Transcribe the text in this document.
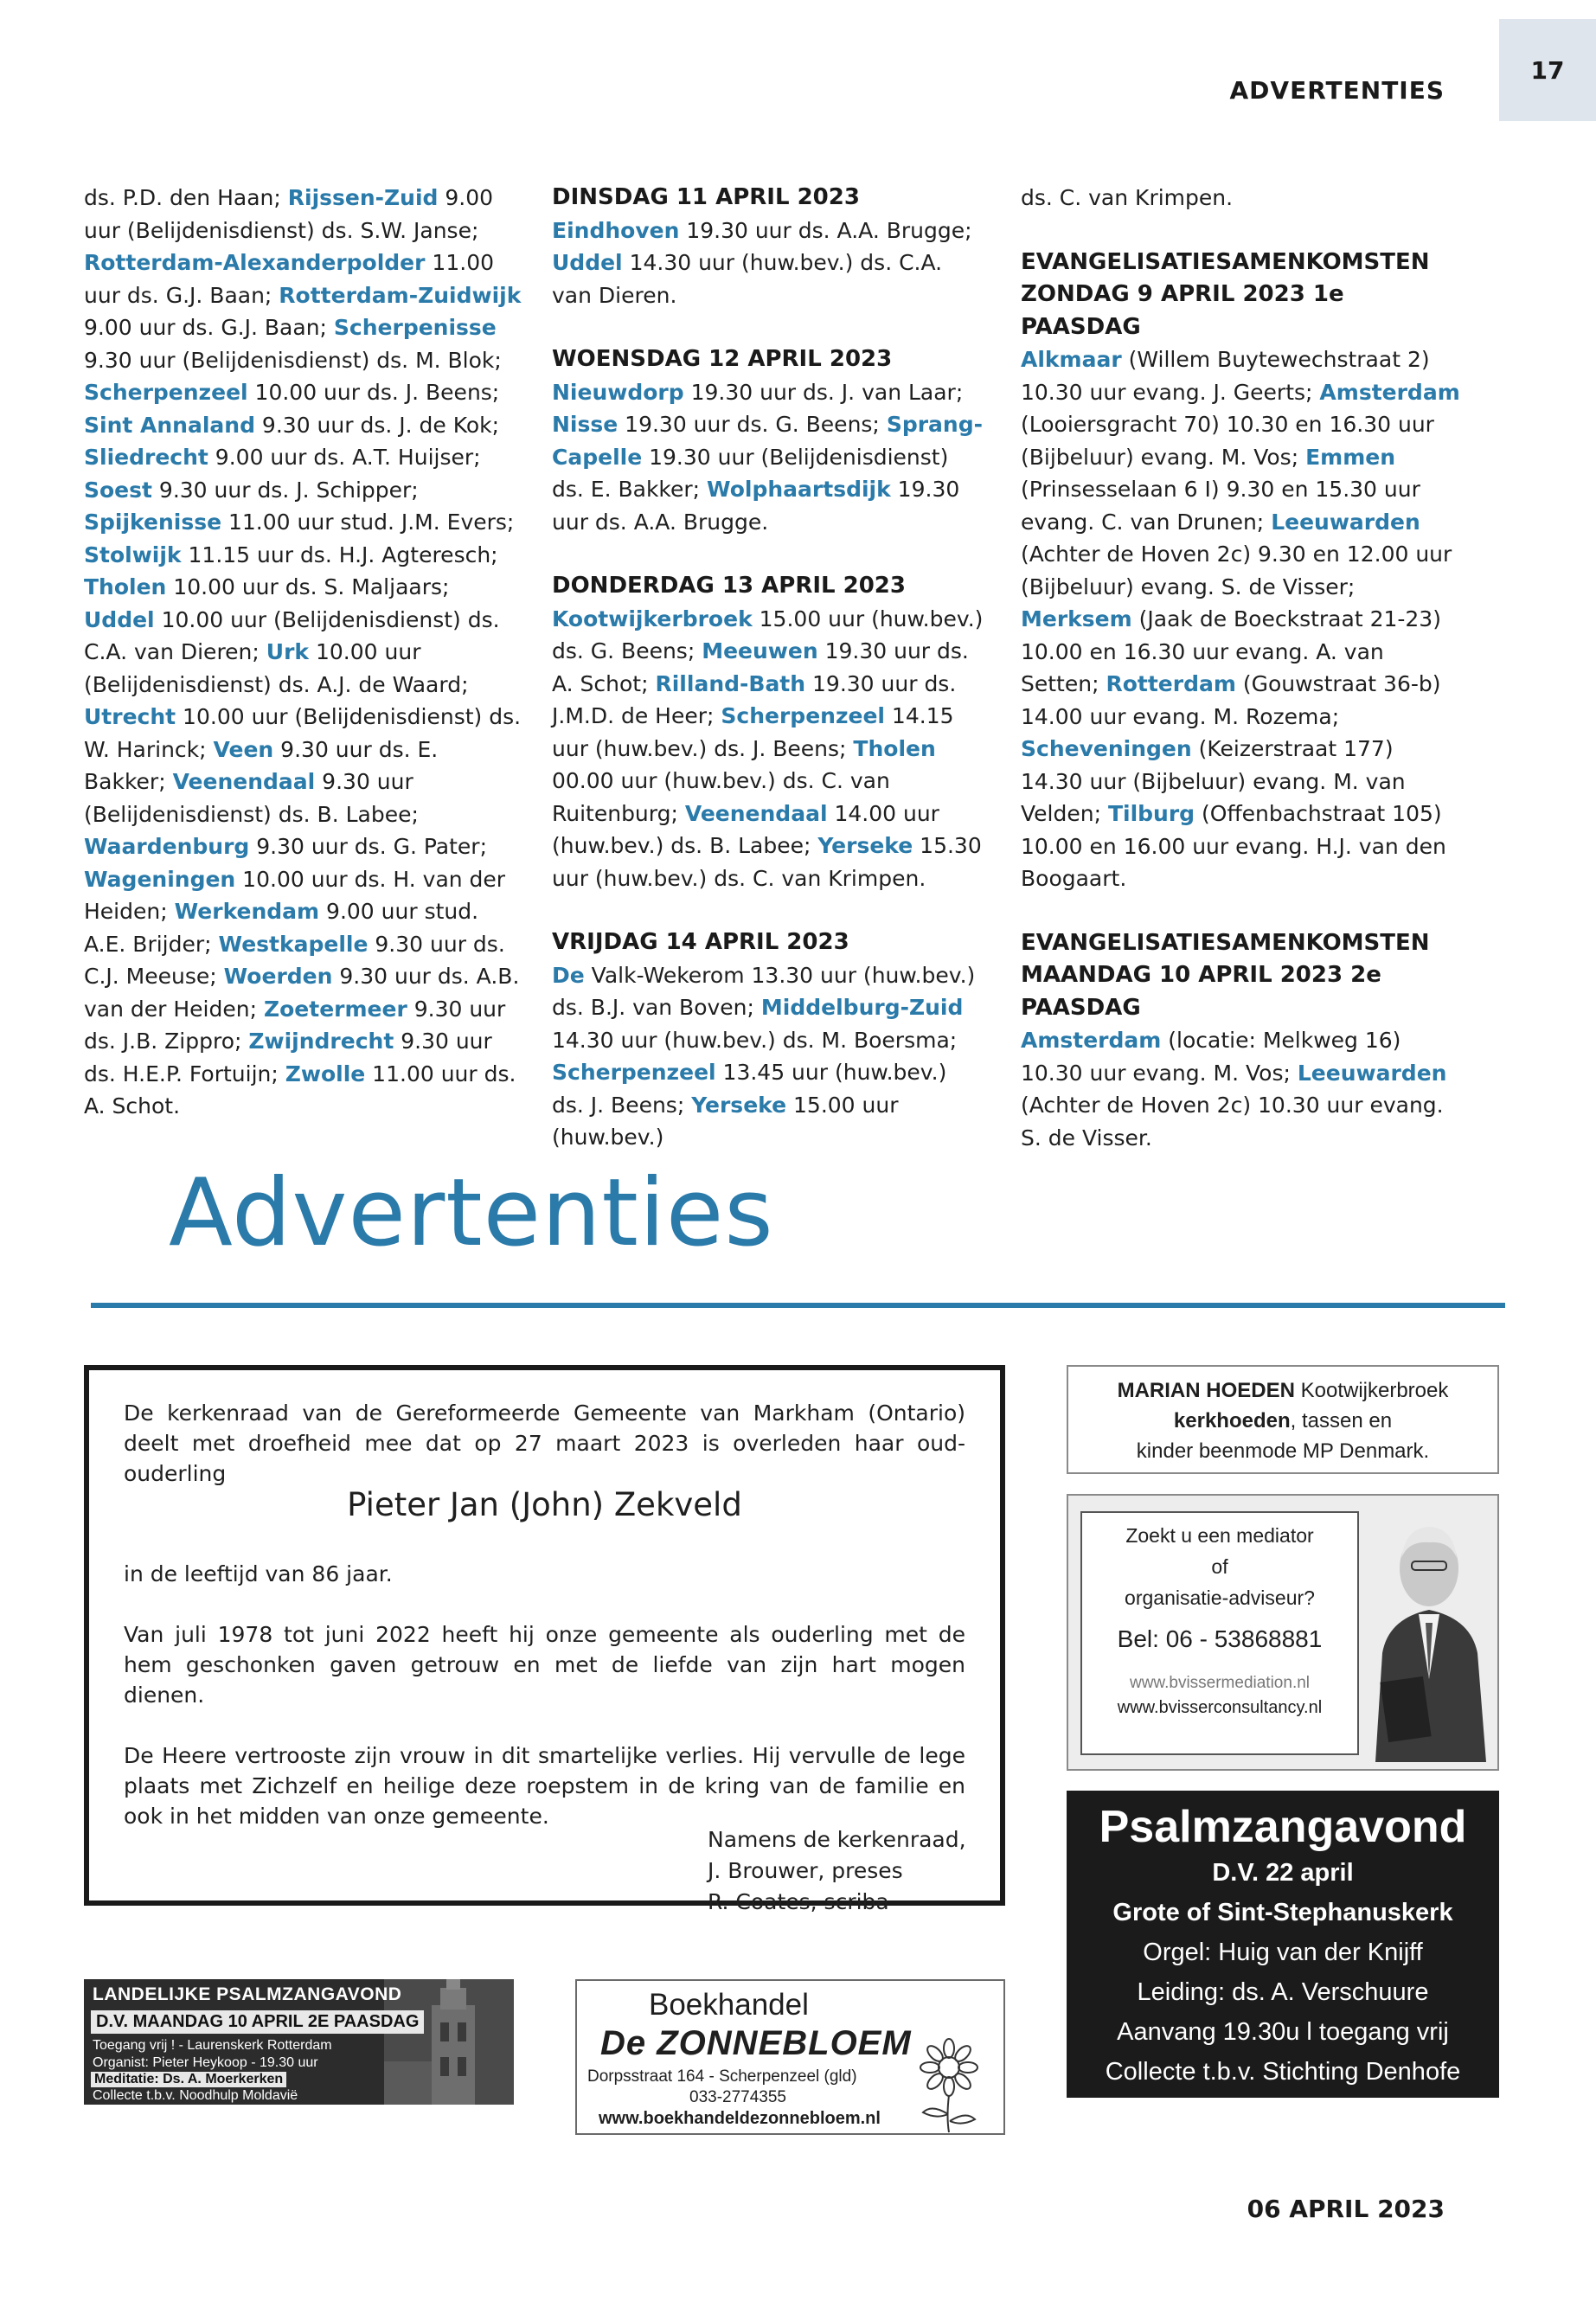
17
ADVERTENTIES

ds. P.D. den Haan; Rijssen-Zuid 9.00 uur (Belijdenisdienst) ds. S.W. Janse; Rotterdam-Alexanderpolder 11.00 uur ds. G.J. Baan; Rotterdam-Zuidwijk 9.00 uur ds. G.J. Baan; Scherpenisse 9.30 uur (Belijdenisdienst) ds. M. Blok; Scherpenzeel 10.00 uur ds. J. Beens; Sint Annaland 9.30 uur ds. J. de Kok; Sliedrecht 9.00 uur ds. A.T. Huijser; Soest 9.30 uur ds. J. Schipper; Spijkenisse 11.00 uur stud. J.M. Evers; Stolwijk 11.15 uur ds. H.J. Agteresch; Tholen 10.00 uur ds. S. Maljaars; Uddel 10.00 uur (Belijdenisdienst) ds. C.A. van Dieren; Urk 10.00 uur (Belijdenisdienst) ds. A.J. de Waard; Utrecht 10.00 uur (Belijdenisdienst) ds. W. Harinck; Veen 9.30 uur ds. E. Bakker; Veenendaal 9.30 uur (Belijdenisdienst) ds. B. Labee; Waardenburg 9.30 uur ds. G. Pater; Wageningen 10.00 uur ds. H. van der Heiden; Werkendam 9.00 uur stud. A.E. Brijder; Westkapelle 9.30 uur ds. C.J. Meeuse; Woerden 9.30 uur ds. A.B. van der Heiden; Zoetermeer 9.30 uur ds. J.B. Zippro; Zwijndrecht 9.30 uur ds. H.E.P. Fortuijn; Zwolle 11.00 uur ds. A. Schot.

DINSDAG 11 APRIL 2023

Eindhoven 19.30 uur ds. A.A. Brugge; Uddel 14.30 uur (huw.bev.) ds. C.A. van Dieren.

WOENSDAG 12 APRIL 2023

Nieuwdorp 19.30 uur ds. J. van Laar; Nisse 19.30 uur ds. G. Beens; Sprang-Capelle 19.30 uur (Belijdenisdienst) ds. E. Bakker; Wolphaartsdijk 19.30 uur ds. A.A. Brugge.

DONDERDAG 13 APRIL 2023

Kootwijkerbroek 15.00 uur (huw.bev.) ds. G. Beens; Meeuwen 19.30 uur ds. A. Schot; Rilland-Bath 19.30 uur ds. J.M.D. de Heer; Scherpenzeel 14.15 uur (huw.bev.) ds. J. Beens; Tholen 00.00 uur (huw.bev.) ds. C. van Ruitenburg; Veenendaal 14.00 uur (huw.bev.) ds. B. Labee; Yerseke 15.30 uur (huw.bev.) ds. C. van Krimpen.

VRIJDAG 14 APRIL 2023

De Valk-Wekerom 13.30 uur (huw.bev.) ds. B.J. van Boven; Middelburg-Zuid 14.30 uur (huw.bev.) ds. M. Boersma; Scherpenzeel 13.45 uur (huw.bev.) ds. J. Beens; Yerseke 15.00 uur (huw.bev.)

ds. C. van Krimpen.

EVANGELISATIESAMENKOMSTEN ZONDAG 9 APRIL 2023 1e PAASDAG

Alkmaar (Willem Buytewechstraat 2) 10.30 uur evang. J. Geerts; Amsterdam (Looiersgracht 70) 10.30 en 16.30 uur (Bijbeluur) evang. M. Vos; Emmen (Prinsesselaan 6 I) 9.30 en 15.30 uur evang. C. van Drunen; Leeuwarden (Achter de Hoven 2c) 9.30 en 12.00 uur (Bijbeluur) evang. S. de Visser; Merksem (Jaak de Boeckstraat 21-23) 10.00 en 16.30 uur evang. A. van Setten; Rotterdam (Gouwstraat 36-b) 14.00 uur evang. M. Rozema; Scheveningen (Keizerstraat 177) 14.30 uur (Bijbeluur) evang. M. van Velden; Tilburg (Offenbachstraat 105) 10.00 en 16.00 uur evang. H.J. van den Boogaart.

EVANGELISATIESAMENKOMSTEN MAANDAG 10 APRIL 2023 2e PAASDAG

Amsterdam (locatie: Melkweg 16) 10.30 uur evang. M. Vos; Leeuwarden (Achter de Hoven 2c) 10.30 uur evang. S. de Visser.

Advertenties

De kerkenraad van de Gereformeerde Gemeente van Markham (Ontario) deelt met droefheid mee dat op 27 maart 2023 is overleden haar oud-ouderling

Pieter Jan (John) Zekveld

in de leeftijd van 86 jaar.

Van juli 1978 tot juni 2022 heeft hij onze gemeente als ouderling met de hem geschonken gaven getrouw en met de liefde van zijn hart mogen dienen.

De Heere vertrooste zijn vrouw in dit smartelijke verlies. Hij vervulle de lege plaats met Zichzelf en heilige deze roepstem in de kring van de familie en ook in het midden van onze gemeente.

Namens de kerkenraad,
J. Brouwer, preses
R. Coates, scriba
MARIAN HOEDEN Kootwijkerbroek
kerkhoeden, tassen en
kinder beenmode MP Denmark.
Zoekt u een mediator
of
organisatie-adviseur?
Bel: 06 - 53868881
www.bvissermediation.nl
www.bvisserconsultancy.nl
Psalmzangavond
D.V. 22 april
Grote of Sint-Stephanuskerk
Orgel: Huig van der Knijff
Leiding: ds. A. Verschuure
Aanvang 19.30u l toegang vrij
Collecte t.b.v. Stichting Denhofe
LANDELIJKE PSALMZANGAVOND
D.V. MAANDAG 10 APRIL 2E PAASDAG
Toegang vrij ! - Laurenskerk Rotterdam
Organist: Pieter Heykoop - 19.30 uur
Meditatie: Ds. A. Moerkerken
Collecte t.b.v. Noodhulp Moldavië
Boekhandel
De ZONNEBLOEM
Dorpsstraat 164 - Scherpenzeel (gld)
033-2774355
www.boekhandeldezonnebloem.nl
06 APRIL 2023
